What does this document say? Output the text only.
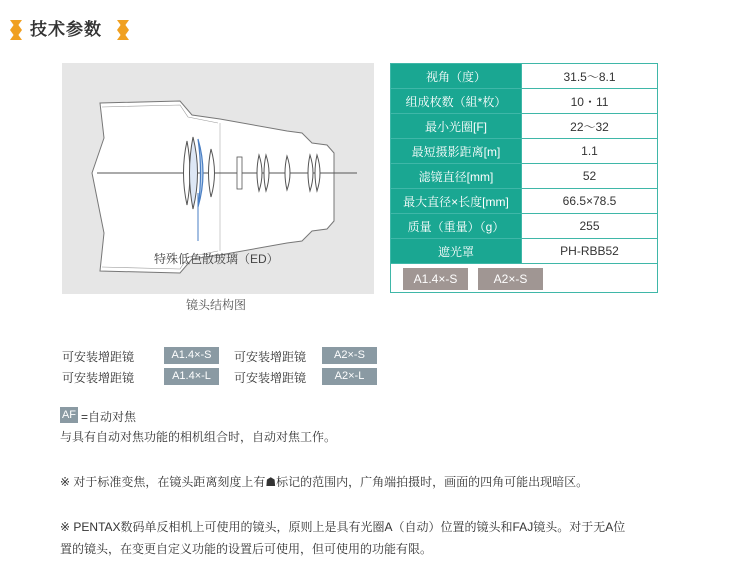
技术参数
特殊低色散玻璃（ED）
镜头结构图
视角（度）	31.5～8.1
组成枚数（組*枚）	10・11
最小光圈[F]	22～32
最短摄影距离[m]	1.1
滤镜直径[mm]	52
最大直径×长度[mm]	66.5×78.5
质量（重量）（g）	255
遮光罩	PH-RBB52
A1.4×-S A2×-S	
可安装增距镜	A1.4×-S	可安装增距镜	A2×-S
可安装增距镜	A1.4×-L	可安装增距镜	A2×-L
AF =自动对焦
与具有自动对焦功能的相机组合时，自动对焦工作。
※ 对于标准变焦，在镜头距离刻度上有☗标记的范围内，广角端拍摄时，画面的四角可能出现暗区。
※ PENTAX数码单反相机上可使用的镜头，原则上是具有光圈A（自动）位置的镜头和FAJ镜头。对于无A位
置的镜头，在变更自定义功能的设置后可使用，但可使用的功能有限。
